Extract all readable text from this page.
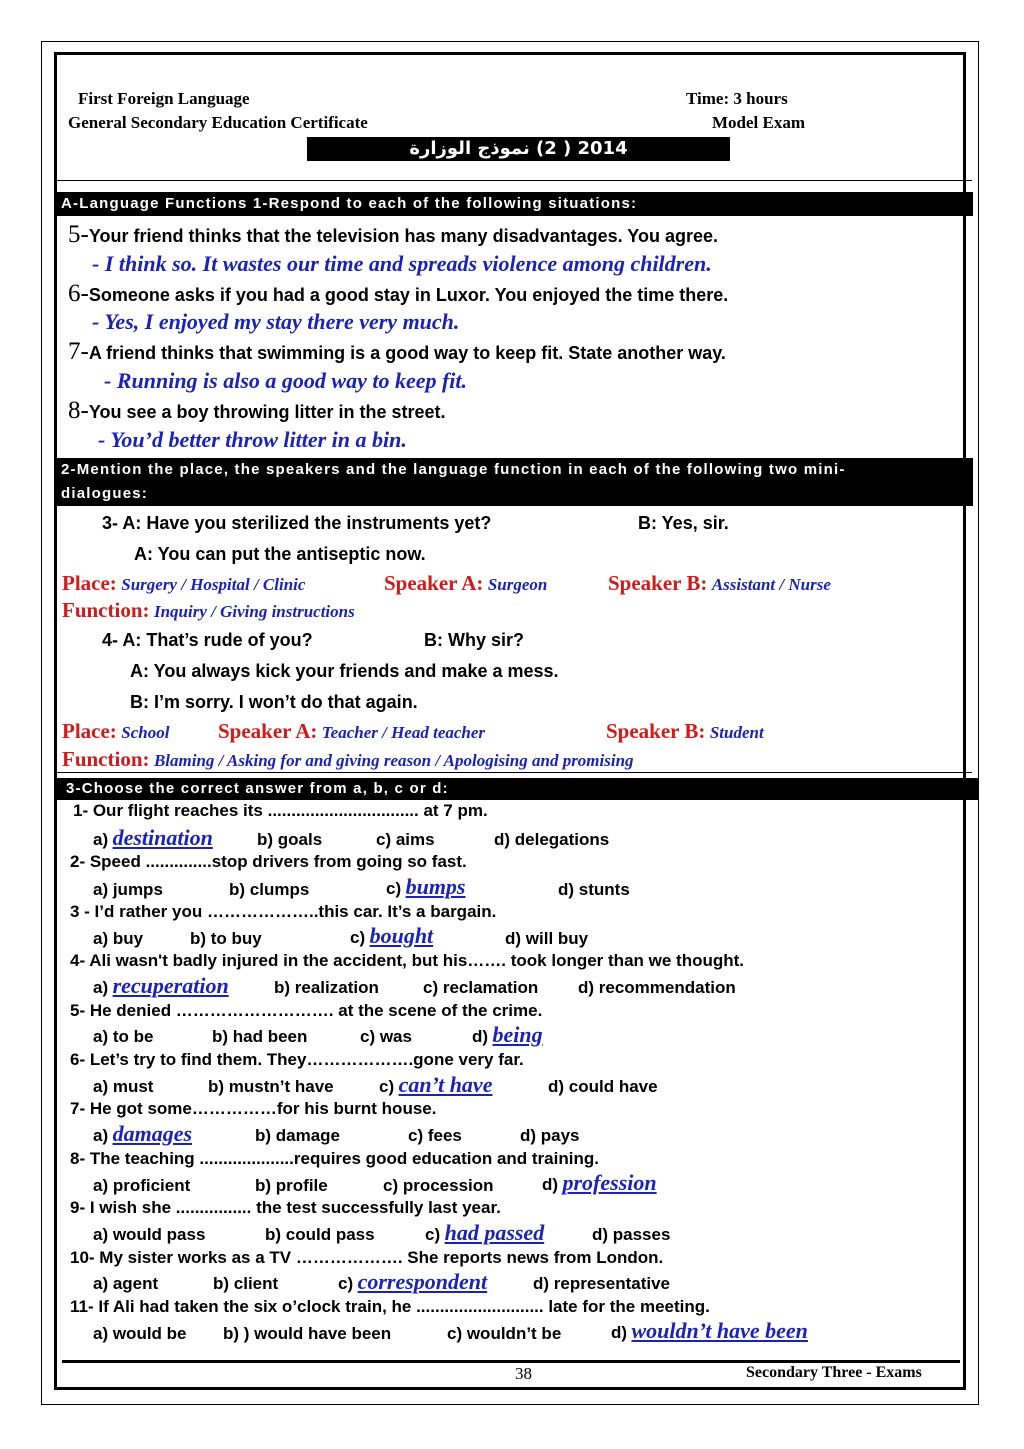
First Foreign Language
General Secondary Education Certificate
Time: 3 hours
Model Exam
2014 ( 2) نموذج الوزارة
A-Language Functions 1-Respond to each of the following situations:
5-Your friend thinks that the television has many disadvantages. You agree.
- I think so. It wastes our time and spreads violence among children.
6-Someone asks if you had a good stay in Luxor. You enjoyed the time there.
- Yes, I enjoyed my stay there very much.
7-A friend thinks that swimming is a good way to keep fit. State another way.
- Running is also a good way to keep fit.
8-You see a boy throwing litter in the street.
- You’d better throw litter in a bin.
2-Mention the place, the speakers and the language function in each of the following two mini-
dialogues:
3- A: Have you sterilized the instruments yet?	B: Yes, sir.
A: You can put the antiseptic now.
Place: Surgery / Hospital / Clinic	Speaker A: Surgeon	Speaker B: Assistant / Nurse
Function: Inquiry / Giving instructions
4- A: That’s rude of you?	B: Why sir?
A: You always kick your friends and make a mess.
B: I’m sorry. I won’t do that again.
Place: School Speaker A: Teacher / Head teacher	Speaker B: Student
Function: Blaming / Asking for and giving reason / Apologising and promising
3-Choose the correct answer from a, b, c or d:
1- Our flight reaches its ................................ at 7 pm.
a) destination	b) goals	c) aims	d) delegations
2- Speed ..............stop drivers from going so fast.
a) jumps	b) clumps	c) bumps	d) stunts
3 - I’d rather you ………………..this car. It’s a bargain.
a) buy	b) to buy	c) bought	d) will buy
4- Ali wasn't badly injured in the accident, but his……. took longer than we thought.
a) recuperation	b) realization	c) reclamation d) recommendation
5- He denied ………………………. at the scene of the crime.
a) to be	b) had been	c) was	d) being
6- Let’s try to find them. They……………….gone very far.
a) must	b) mustn’t have	c) can’t have	d) could have
7- He got some……………for his burnt house.
a) damages	b) damage	c) fees	d) pays
8- The teaching ....................requires good education and training.
a) proficient	b) profile	c) procession	d) profession
9- I wish she ................ the test successfully last year.
a) would pass	b) could pass	c) had passed	d) passes
10- My sister works as a TV ………………. She reports news from London.
a) agent	b) client	c) correspondent	d) representative
11- If Ali had taken the six o’clock train, he ........................... late for the meeting.
a) would be b) ) would have been	c) wouldn’t be	d) wouldn’t have been
38	Secondary Three - Exams
